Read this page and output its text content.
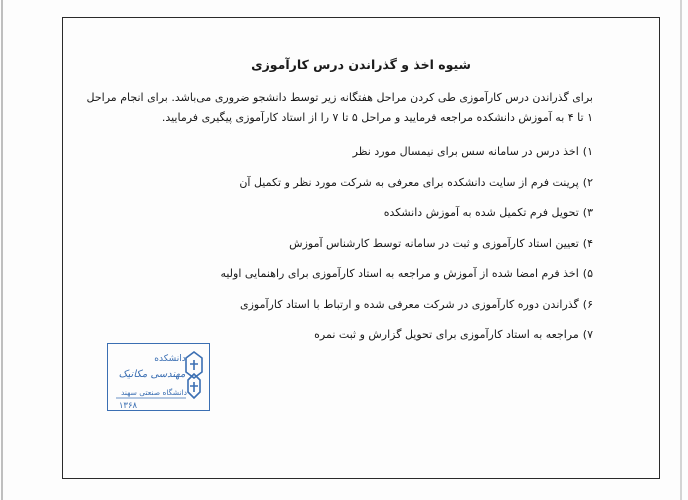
شیوه اخذ و گذراندن درس کارآموزی
برای گذراندن درس کارآموزی طی کردن مراحل هفتگانه زیر توسط دانشجو ضروری می‌باشد. برای انجام مراحل ۱ تا ۴ به آموزش دانشکده مراجعه فرمایید و مراحل ۵ تا ۷ را از استاد کارآموزی پیگیری فرمایید.
۱)اخذ درس در سامانه سس برای نیمسال مورد نظر
۲)پرینت فرم از سایت دانشکده برای معرفی به شرکت مورد نظر و تکمیل آن
۳)تحویل فرم تکمیل شده به آموزش دانشکده
۴)تعیین استاد کارآموزی و ثبت در سامانه توسط کارشناس آموزش
۵)اخذ فرم امضا شده از آموزش و مراجعه به استاد کارآموزی برای راهنمایی اولیه
۶)گذراندن دوره کارآموزی در شرکت معرفی شده و ارتباط با استاد کارآموزی
۷)مراجعه به استاد کارآموزی برای تحویل گزارش و ثبت نمره
دانشکده
مهندسی مکانیک
دانشگاه صنعتی سهند
۱۳۶۸
